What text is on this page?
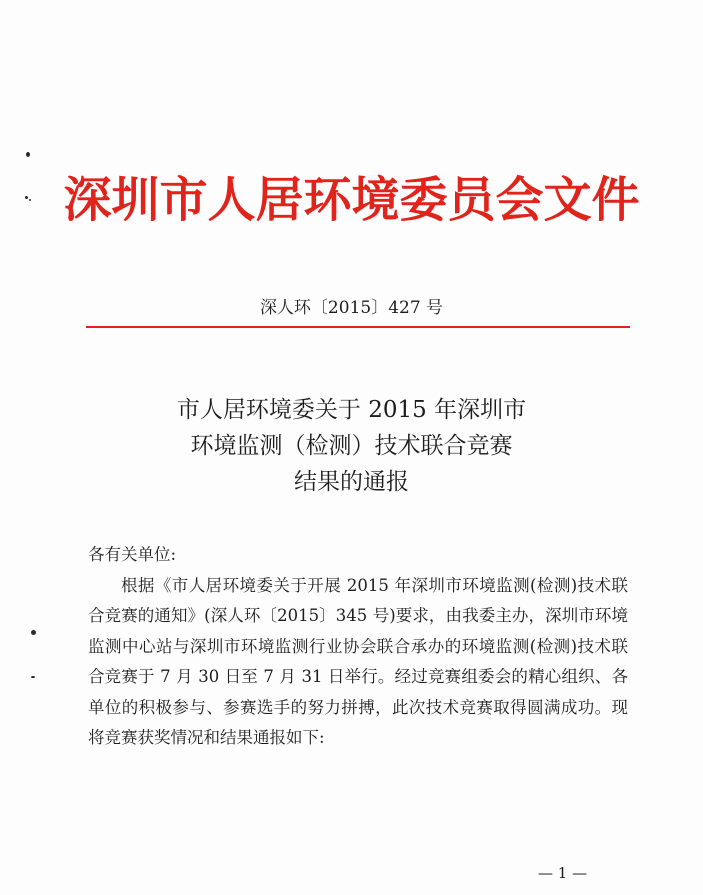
深圳市人居环境委员会文件
深人环〔2015〕427 号
市人居环境委关于 2015 年深圳市
环境监测（检测）技术联合竞赛
结果的通报

各有关单位:

根据《市人居环境委关于开展 2015 年深圳市环境监测(检测)技术联合竞赛的通知》(深人环〔2015〕345 号)要求，由我委主办，深圳市环境监测中心站与深圳市环境监测行业协会联合承办的环境监测(检测)技术联合竞赛于 7 月 30 日至 7 月 31 日举行。经过竞赛组委会的精心组织、各单位的积极参与、参赛选手的努力拼搏，此次技术竞赛取得圆满成功。现将竞赛获奖情况和结果通报如下:

— 1 —
